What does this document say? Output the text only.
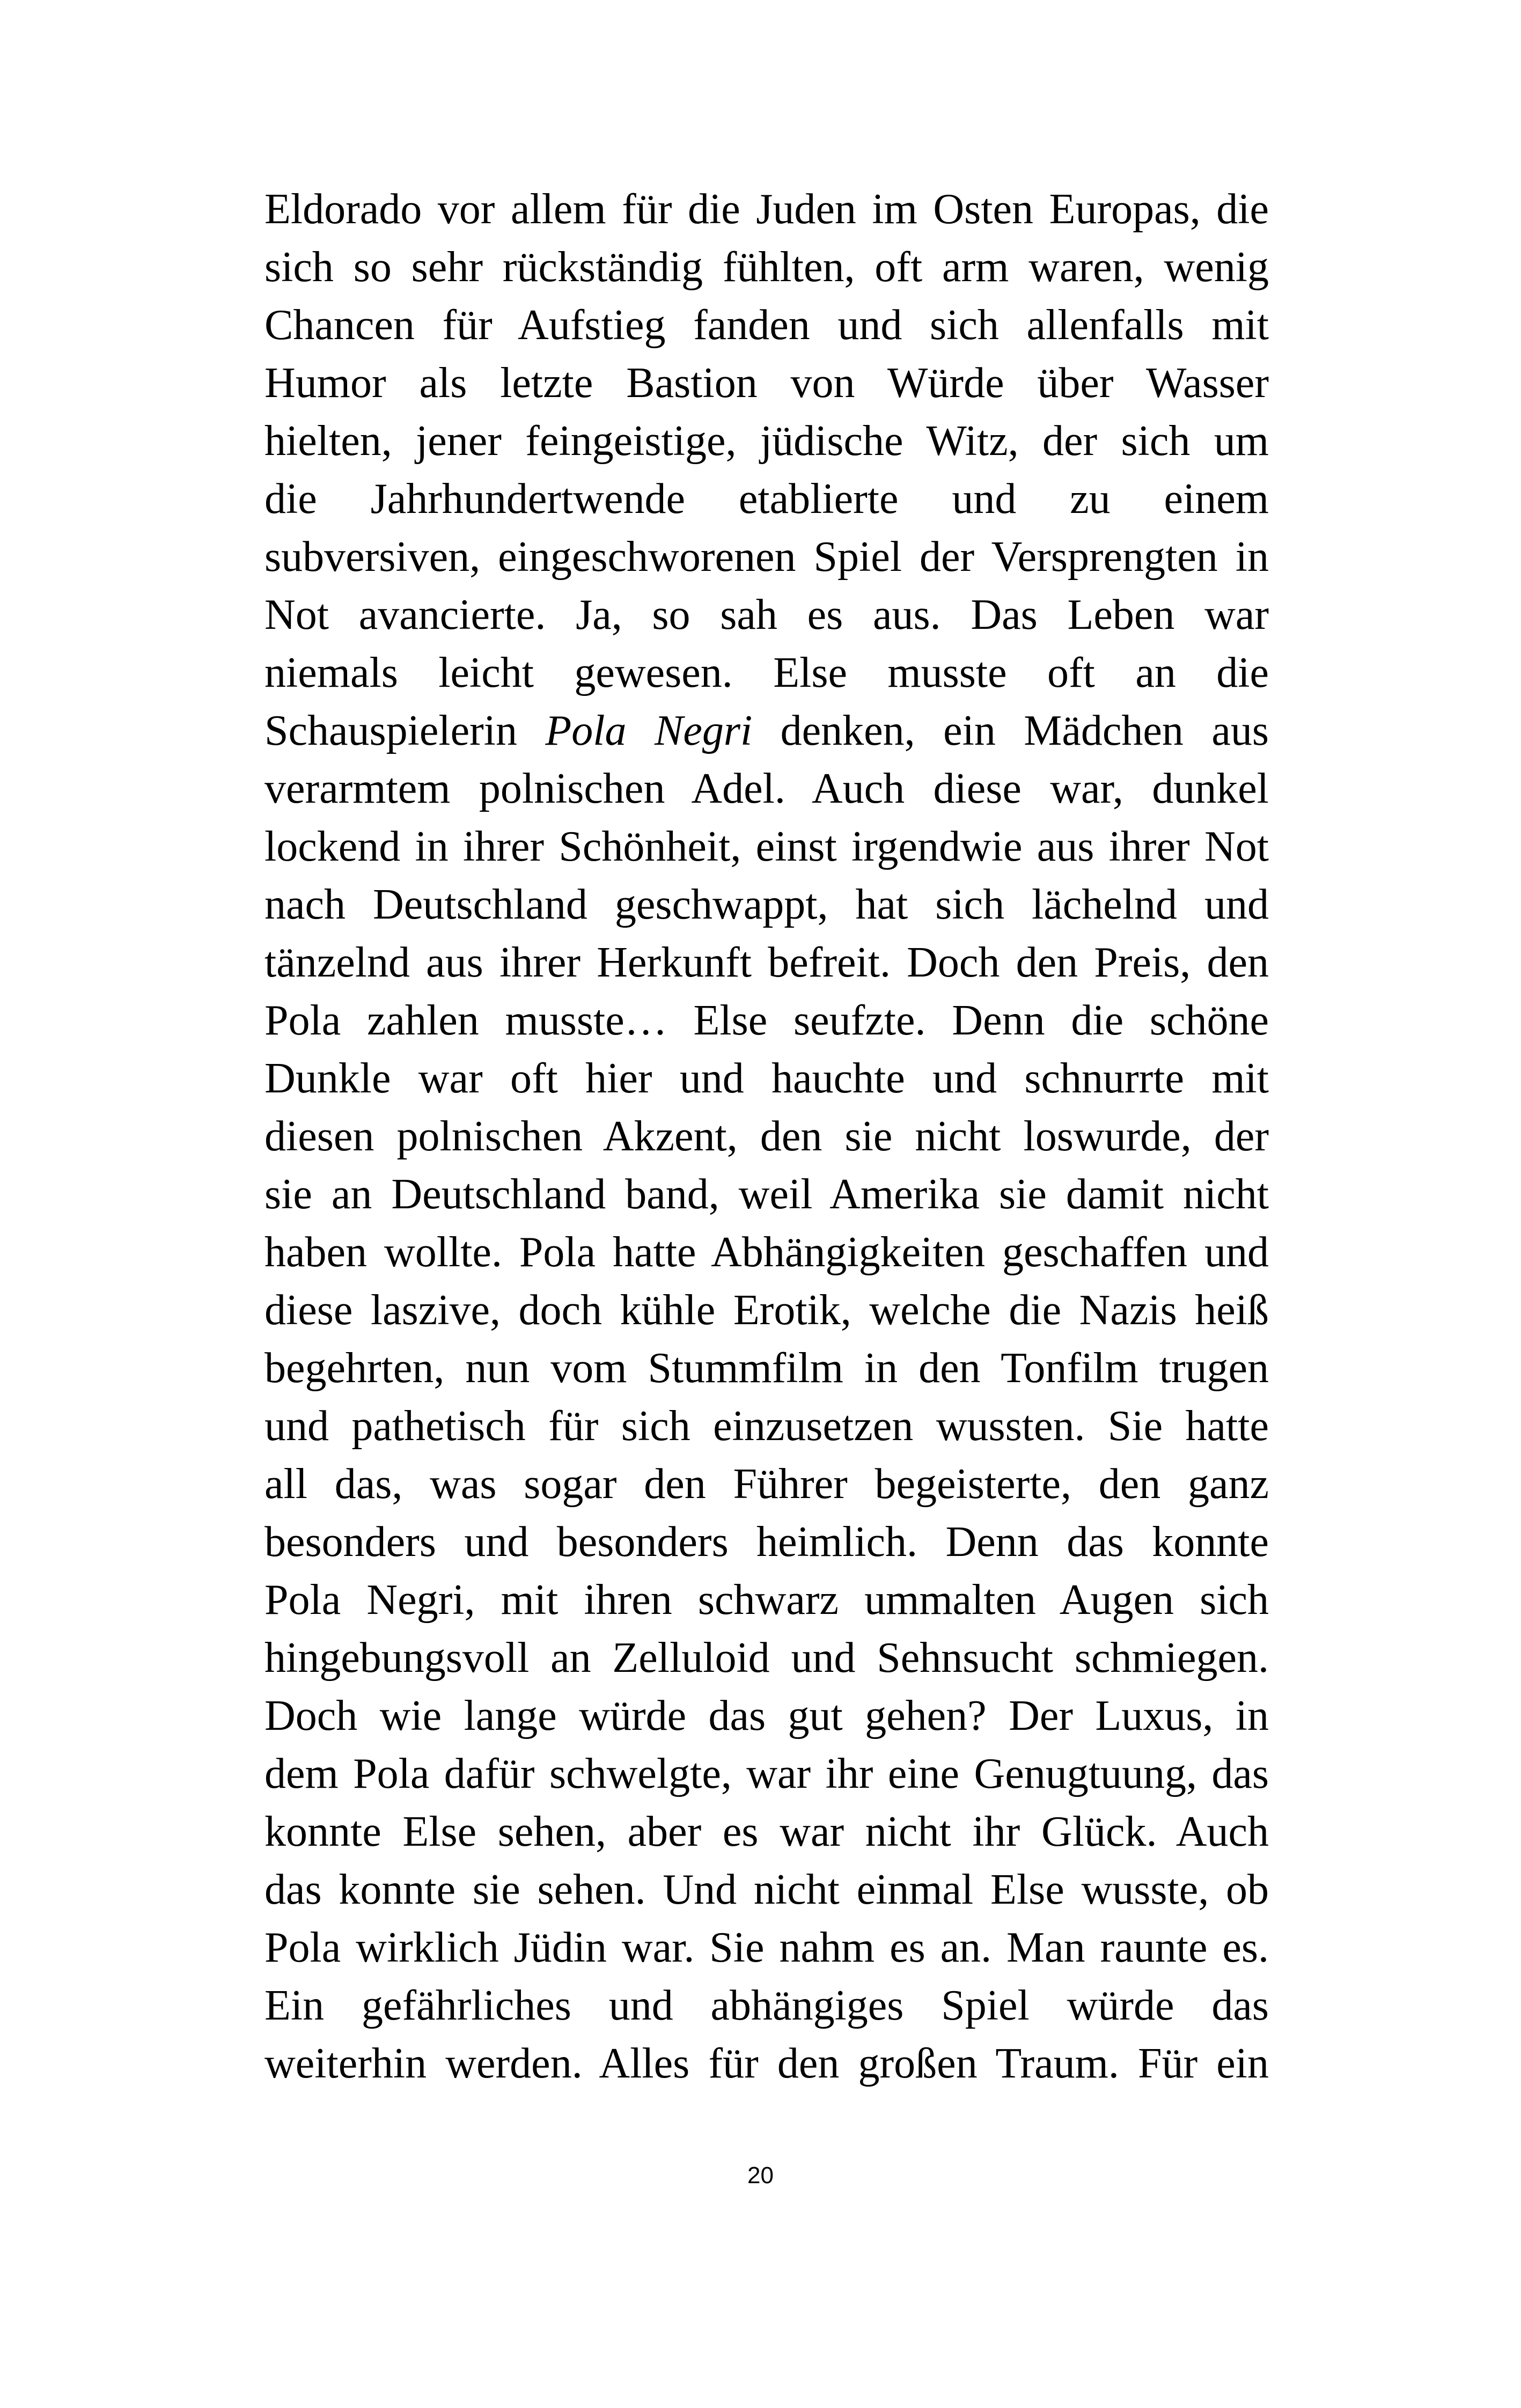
Eldorado vor allem für die Juden im Osten Europas, die
sich so sehr rückständig fühlten, oft arm waren, wenig
Chancen für Aufstieg fanden und sich allenfalls mit
Humor als letzte Bastion von Würde über Wasser
hielten, jener feingeistige, jüdische Witz, der sich um
die Jahrhundertwende etablierte und zu einem
subversiven, eingeschworenen Spiel der Versprengten in
Not avancierte. Ja, so sah es aus. Das Leben war
niemals leicht gewesen. Else musste oft an die
Schauspielerin Pola Negri denken, ein Mädchen aus
verarmtem polnischen Adel. Auch diese war, dunkel
lockend in ihrer Schönheit, einst irgendwie aus ihrer Not
nach Deutschland geschwappt, hat sich lächelnd und
tänzelnd aus ihrer Herkunft befreit. Doch den Preis, den
Pola zahlen musste… Else seufzte. Denn die schöne
Dunkle war oft hier und hauchte und schnurrte mit
diesen polnischen Akzent, den sie nicht loswurde, der
sie an Deutschland band, weil Amerika sie damit nicht
haben wollte. Pola hatte Abhängigkeiten geschaffen und
diese laszive, doch kühle Erotik, welche die Nazis heiß
begehrten, nun vom Stummfilm in den Tonfilm trugen
und pathetisch für sich einzusetzen wussten. Sie hatte
all das, was sogar den Führer begeisterte, den ganz
besonders und besonders heimlich. Denn das konnte
Pola Negri, mit ihren schwarz ummalten Augen sich
hingebungsvoll an Zelluloid und Sehnsucht schmiegen.
Doch wie lange würde das gut gehen? Der Luxus, in
dem Pola dafür schwelgte, war ihr eine Genugtuung, das
konnte Else sehen, aber es war nicht ihr Glück. Auch
das konnte sie sehen. Und nicht einmal Else wusste, ob
Pola wirklich Jüdin war. Sie nahm es an. Man raunte es.
Ein gefährliches und abhängiges Spiel würde das
weiterhin werden. Alles für den großen Traum. Für ein
20
